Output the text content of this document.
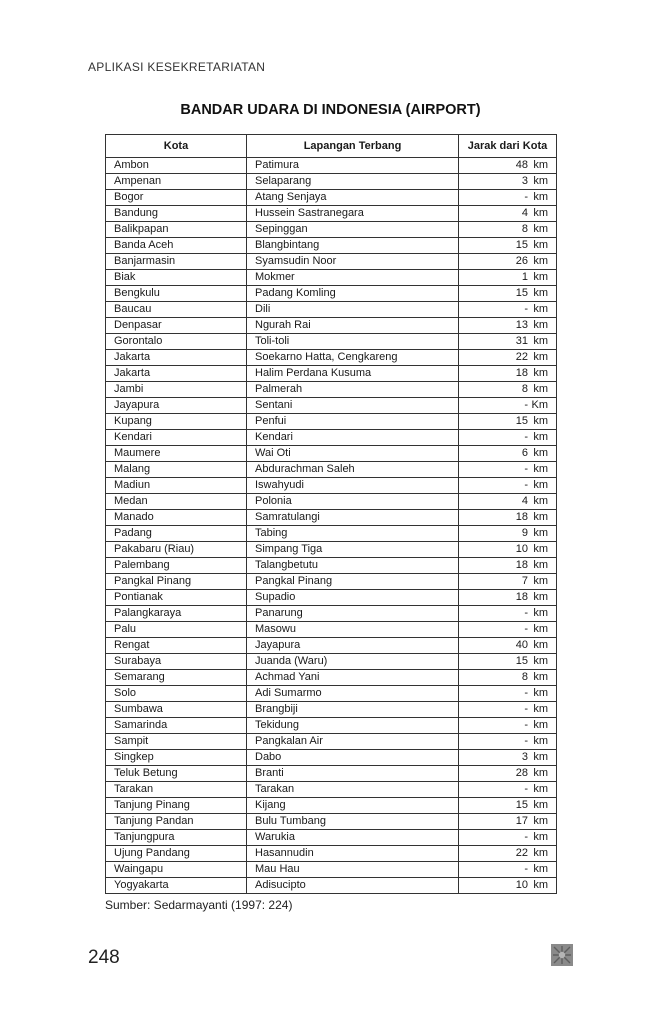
APLIKASI KESEKRETARIATAN
BANDAR UDARA DI INDONESIA (AIRPORT)
Kota	Lapangan Terbang	Jarak dari Kota
Ambon	Patimura	48 km

Ampenan	Selaparang	3 km

Bogor	Atang Senjaya	- km

Bandung	Hussein Sastranegara	4 km

Balikpapan	Sepinggan	8 km

Banda Aceh	Blangbintang	15 km

Banjarmasin	Syamsudin Noor	26 km

Biak	Mokmer	1 km

Bengkulu	Padang Komling	15 km

Baucau	Dili	- km

Denpasar	Ngurah Rai	13 km

Gorontalo	Toli-toli	31 km

Jakarta	Soekarno Hatta, Cengkareng	22 km

Jakarta	Halim Perdana Kusuma	18 km

Jambi	Palmerah	8 km

Jayapura	Sentani	- Km

Kupang	Penfui	15 km

Kendari	Kendari	- km

Maumere	Wai Oti	6 km

Malang	Abdurachman Saleh	- km

Madiun	Iswahyudi	- km

Medan	Polonia	4 km

Manado	Samratulangi	18 km

Padang	Tabing	9 km

Pakabaru (Riau)	Simpang Tiga	10 km

Palembang	Talangbetutu	18 km

Pangkal Pinang	Pangkal Pinang	7 km

Pontianak	Supadio	18 km

Palangkaraya	Panarung	- km

Palu	Masowu	- km

Rengat	Jayapura	40 km

Surabaya	Juanda (Waru)	15 km

Semarang	Achmad Yani	8 km

Solo	Adi Sumarmo	- km

Sumbawa	Brangbiji	- km

Samarinda	Tekidung	- km

Sampit	Pangkalan Air	- km

Singkep	Dabo	3 km

Teluk Betung	Branti	28 km

Tarakan	Tarakan	- km

Tanjung Pinang	Kijang	15 km

Tanjung Pandan	Bulu Tumbang	17 km

Tanjungpura	Warukia	- km

Ujung Pandang	Hasannudin	22 km

Waingapu	Mau Hau	- km

Yogyakarta	Adisucipto	10 km
Sumber: Sedarmayanti (1997: 224)
248
